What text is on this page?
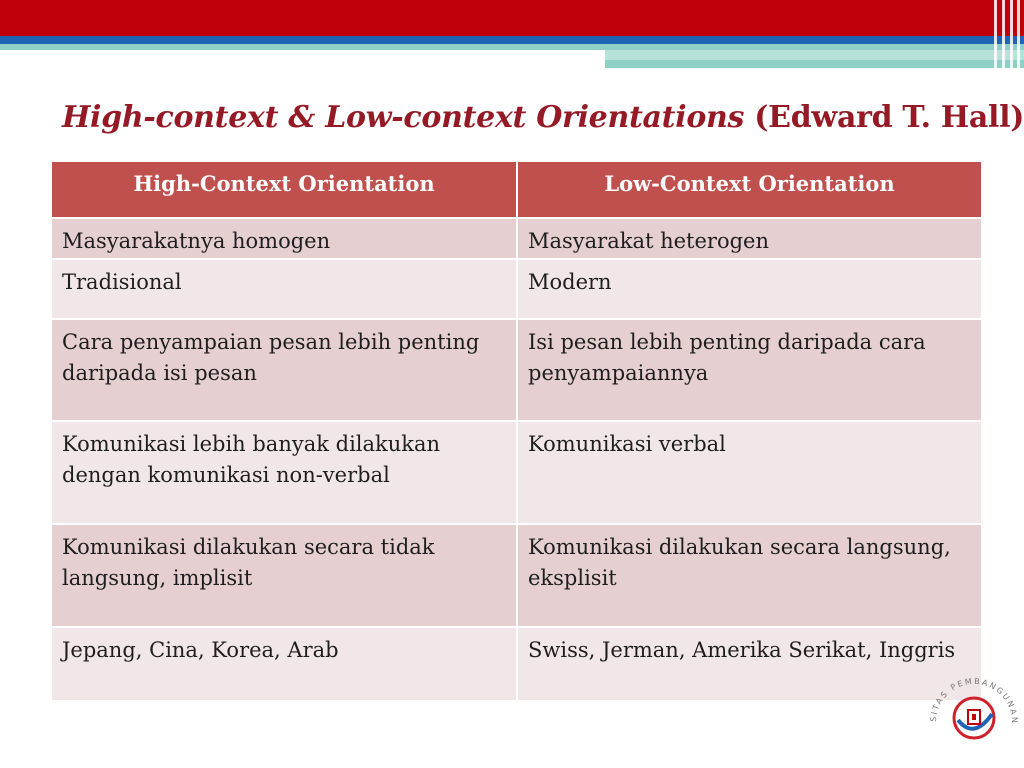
High-context & Low-context Orientations (Edward T. Hall)
High-Context Orientation	Low-Context Orientation
Masyarakatnya homogen	Masyarakat heterogen
Tradisional	Modern
Cara penyampaian pesan lebih penting daripada isi pesan	Isi pesan lebih penting daripada cara penyampaiannya
Komunikasi lebih banyak dilakukan dengan komunikasi non-verbal	Komunikasi verbal
Komunikasi dilakukan secara tidak langsung, implisit	Komunikasi dilakukan secara langsung, eksplisit
Jepang, Cina, Korea, Arab	Swiss, Jerman, Amerika Serikat, Inggris
SITAS PEMBANGUNAN
